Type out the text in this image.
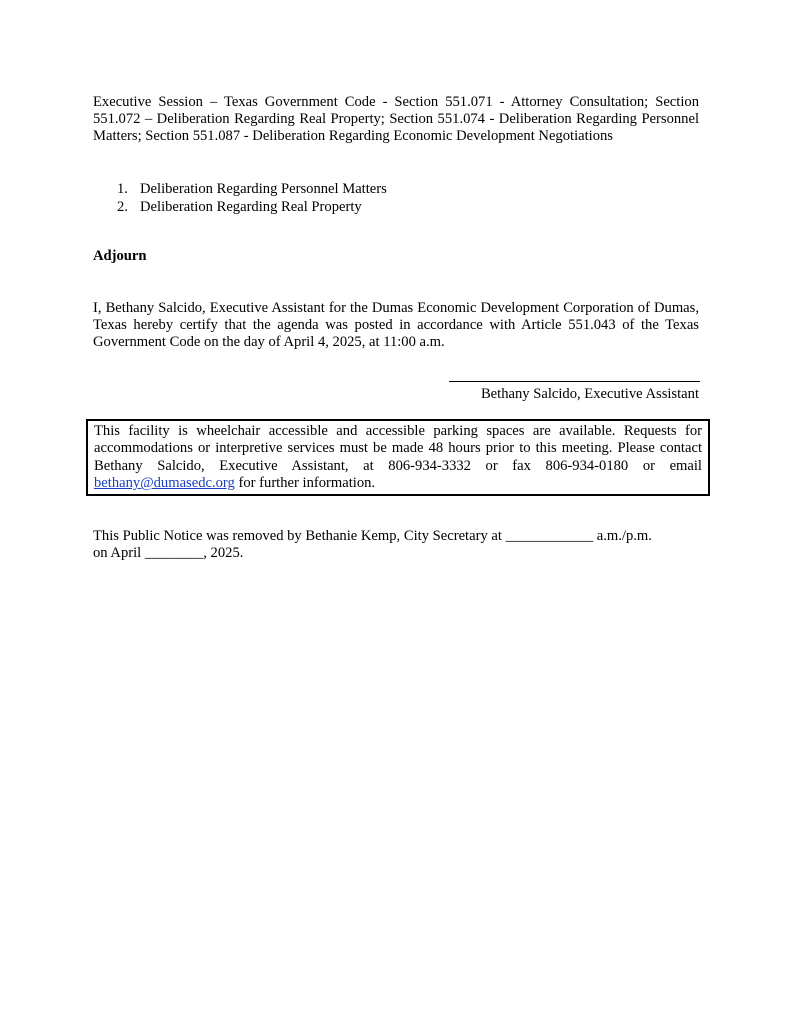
Executive Session – Texas Government Code - Section 551.071 - Attorney Consultation; Section 551.072 – Deliberation Regarding Real Property; Section 551.074 - Deliberation Regarding Personnel Matters; Section 551.087 - Deliberation Regarding Economic Development Negotiations

1. Deliberation Regarding Personnel Matters
2. Deliberation Regarding Real Property

Adjourn

I, Bethany Salcido, Executive Assistant for the Dumas Economic Development Corporation of Dumas, Texas hereby certify that the agenda was posted in accordance with Article 551.043 of the Texas Government Code on the day of April 4, 2025, at 11:00 a.m.

Bethany Salcido, Executive Assistant

This facility is wheelchair accessible and accessible parking spaces are available. Requests for accommodations or interpretive services must be made 48 hours prior to this meeting. Please contact Bethany Salcido, Executive Assistant, at 806-934-3332 or fax 806-934-0180 or email bethany@dumasedc.org for further information.

This Public Notice was removed by Bethanie Kemp, City Secretary at ____________ a.m./p.m.
on April ________, 2025.
